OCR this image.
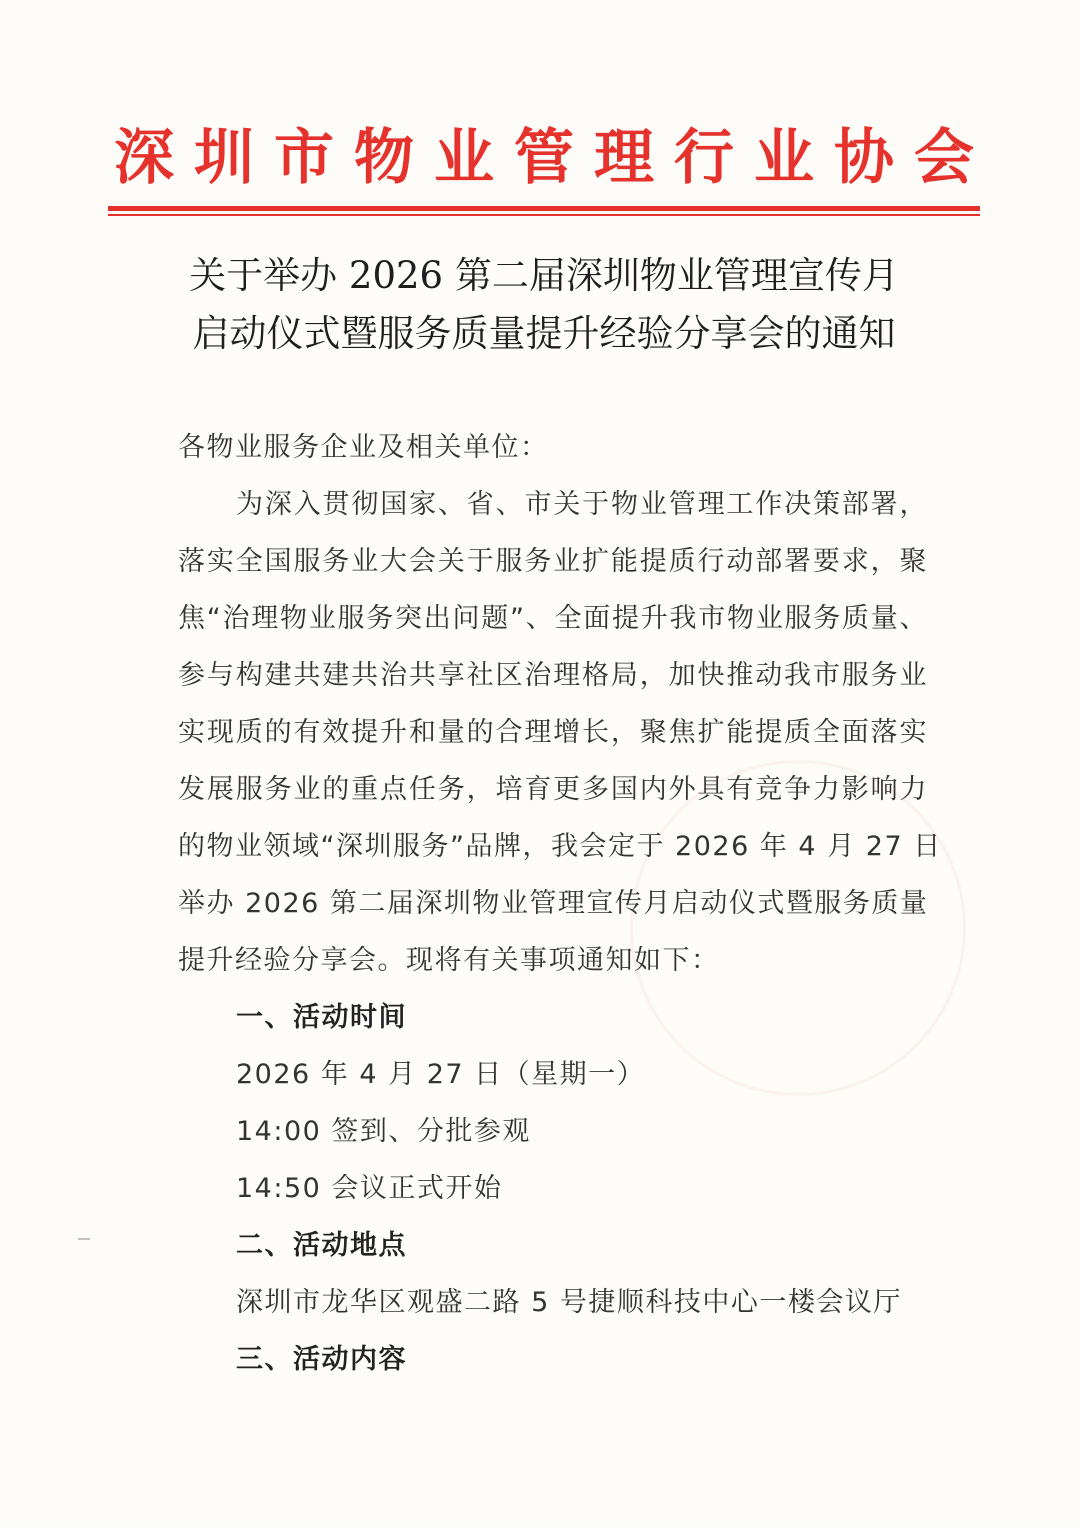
深 圳 市 物 业 管 理 行 业 协 会
关于举办 2026 第二届深圳物业管理宣传月
启动仪式暨服务质量提升经验分享会的通知
各物业服务企业及相关单位：
为深入贯彻国家、省、市关于物业管理工作决策部署，
落实全国服务业大会关于服务业扩能提质行动部署要求，聚
焦“治理物业服务突出问题”、全面提升我市物业服务质量、
参与构建共建共治共享社区治理格局，加快推动我市服务业
实现质的有效提升和量的合理增长，聚焦扩能提质全面落实
发展服务业的重点任务，培育更多国内外具有竞争力影响力
的物业领域“深圳服务”品牌，我会定于 2026 年 4 月 27 日
举办 2026 第二届深圳物业管理宣传月启动仪式暨服务质量
提升经验分享会。现将有关事项通知如下：
一、活动时间
2026 年 4 月 27 日（星期一）
14:00 签到、分批参观
14:50 会议正式开始
二、活动地点
深圳市龙华区观盛二路 5 号捷顺科技中心一楼会议厅
三、活动内容
